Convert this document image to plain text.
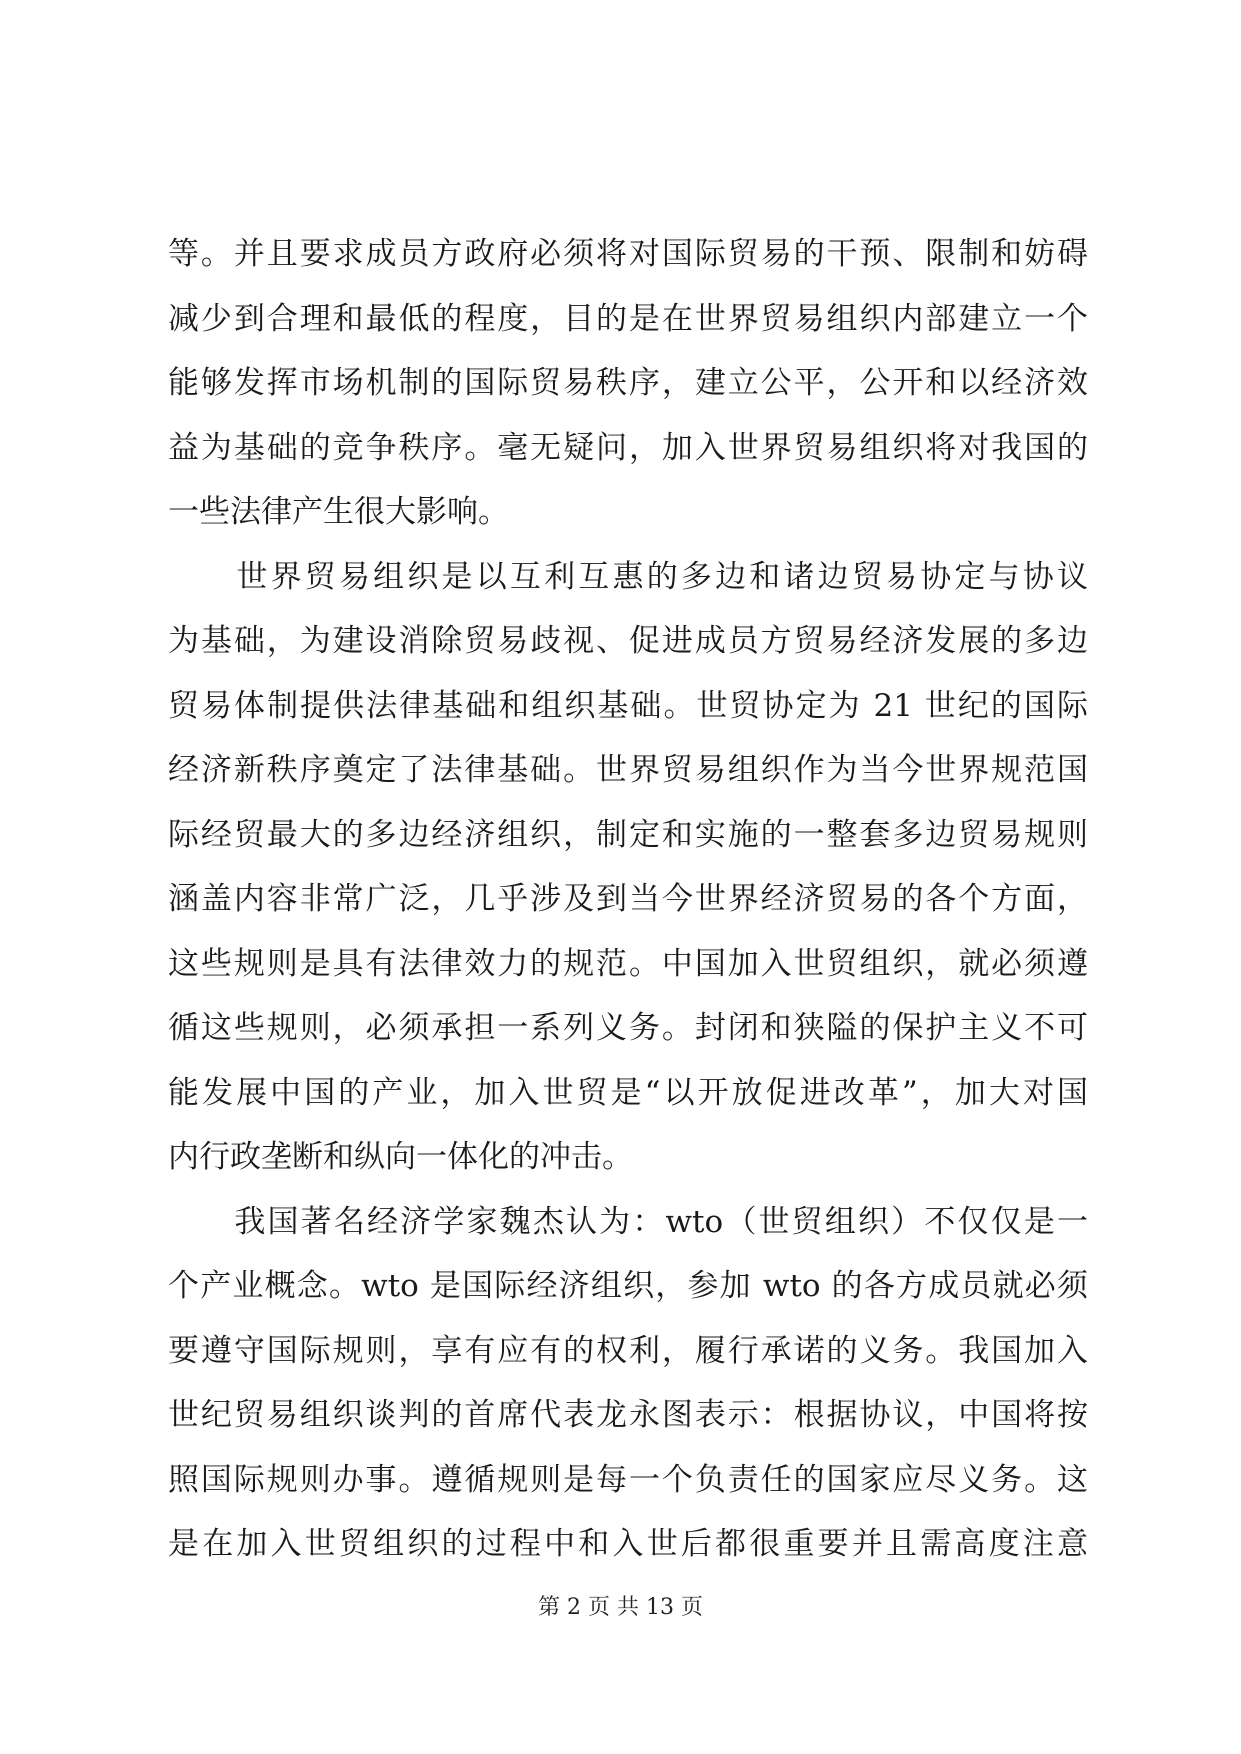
等。并且要求成员方政府必须将对国际贸易的干预、限制和妨碍
减少到合理和最低的程度，目的是在世界贸易组织内部建立一个
能够发挥市场机制的国际贸易秩序，建立公平，公开和以经济效
益为基础的竞争秩序。毫无疑问，加入世界贸易组织将对我国的
一些法律产生很大影响。
　　世界贸易组织是以互利互惠的多边和诸边贸易协定与协议
为基础，为建设消除贸易歧视、促进成员方贸易经济发展的多边
贸易体制提供法律基础和组织基础。世贸协定为 21 世纪的国际
经济新秩序奠定了法律基础。世界贸易组织作为当今世界规范国
际经贸最大的多边经济组织，制定和实施的一整套多边贸易规则
涵盖内容非常广泛，几乎涉及到当今世界经济贸易的各个方面，
这些规则是具有法律效力的规范。中国加入世贸组织，就必须遵
循这些规则，必须承担一系列义务。封闭和狭隘的保护主义不可
能发展中国的产业，加入世贸是“以开放促进改革”，加大对国
内行政垄断和纵向一体化的冲击。
　　我国著名经济学家魏杰认为：wto（世贸组织）不仅仅是一
个产业概念。wto 是国际经济组织，参加 wto 的各方成员就必须
要遵守国际规则，享有应有的权利，履行承诺的义务。我国加入
世纪贸易组织谈判的首席代表龙永图表示：根据协议，中国将按
照国际规则办事。遵循规则是每一个负责任的国家应尽义务。这
是在加入世贸组织的过程中和入世后都很重要并且需高度注意
第 2 页 共 13 页
